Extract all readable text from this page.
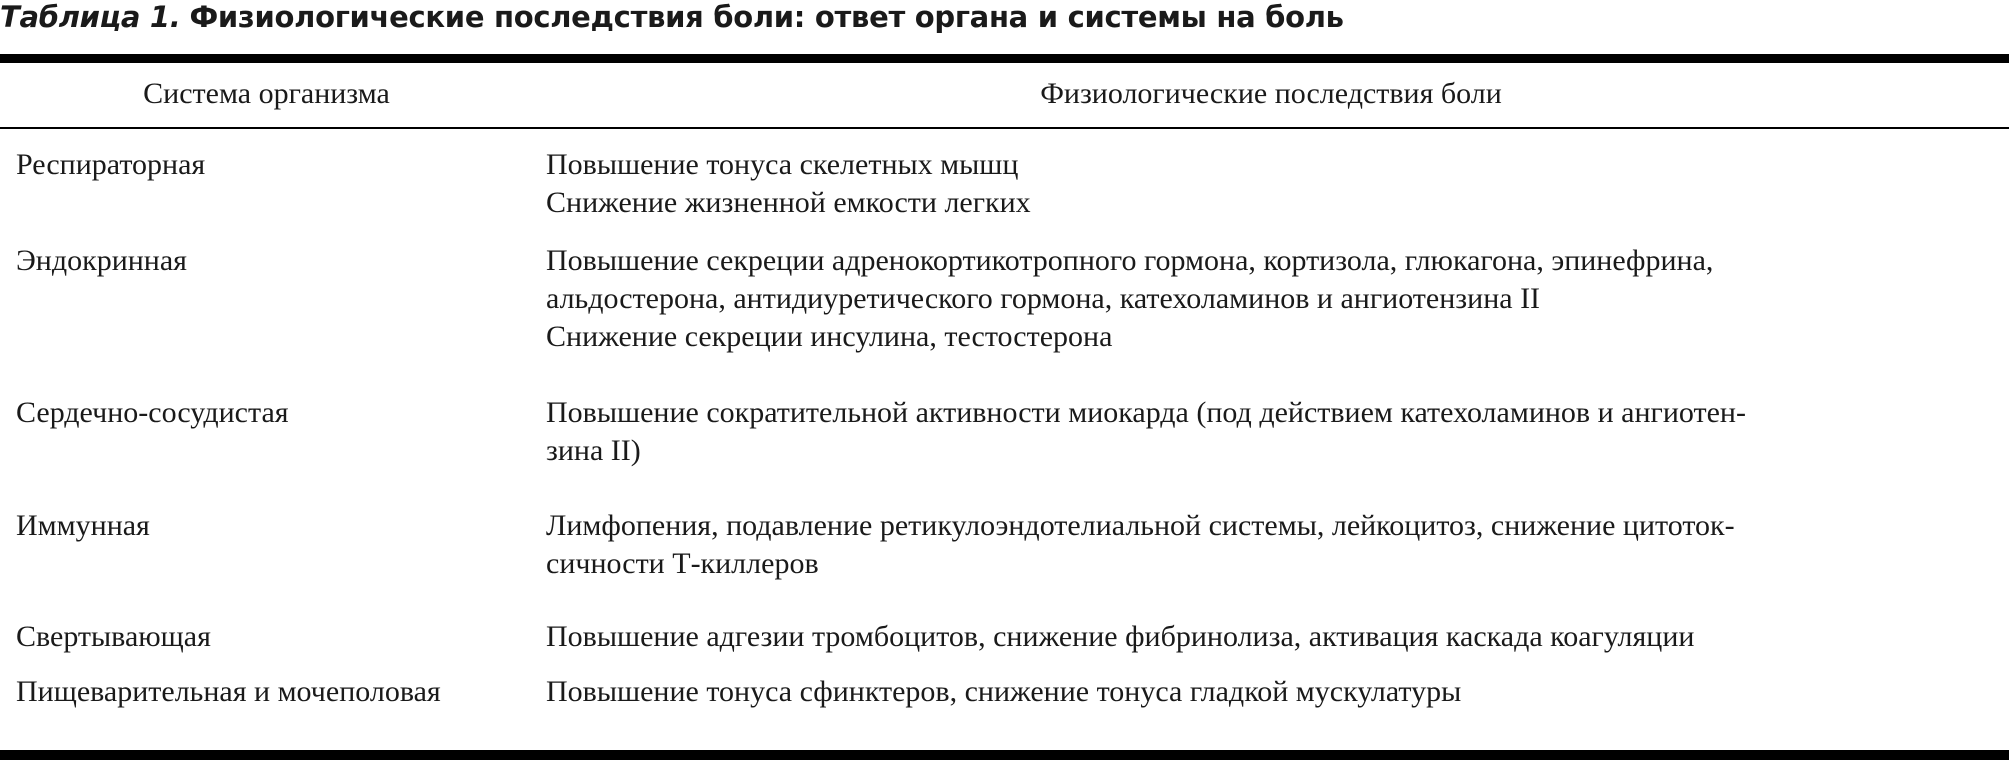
Таблица 1. Физиологические последствия боли: ответ органа и системы на боль
Система организма	Физиологические последствия боли
Респираторная	Повышение тонуса скелетных мышц
Снижение жизненной емкости легких
Эндокринная	Повышение секреции адренокортикотропного гормона, кортизола, глюкагона, эпинефрина,
альдостерона, антидиуретического гормона, катехоламинов и ангиотензина II
Снижение секреции инсулина, тестостерона
Сердечно-сосудистая	Повышение сократительной активности миокарда (под действием катехоламинов и ангиотен-
зина II)
Иммунная	Лимфопения, подавление ретикулоэндотелиальной системы, лейкоцитоз, снижение цитоток-
сичности Т-киллеров
Свертывающая	Повышение адгезии тромбоцитов, снижение фибринолиза, активация каскада коагуляции
Пищеварительная и мочеполовая	Повышение тонуса сфинктеров, снижение тонуса гладкой мускулатуры
